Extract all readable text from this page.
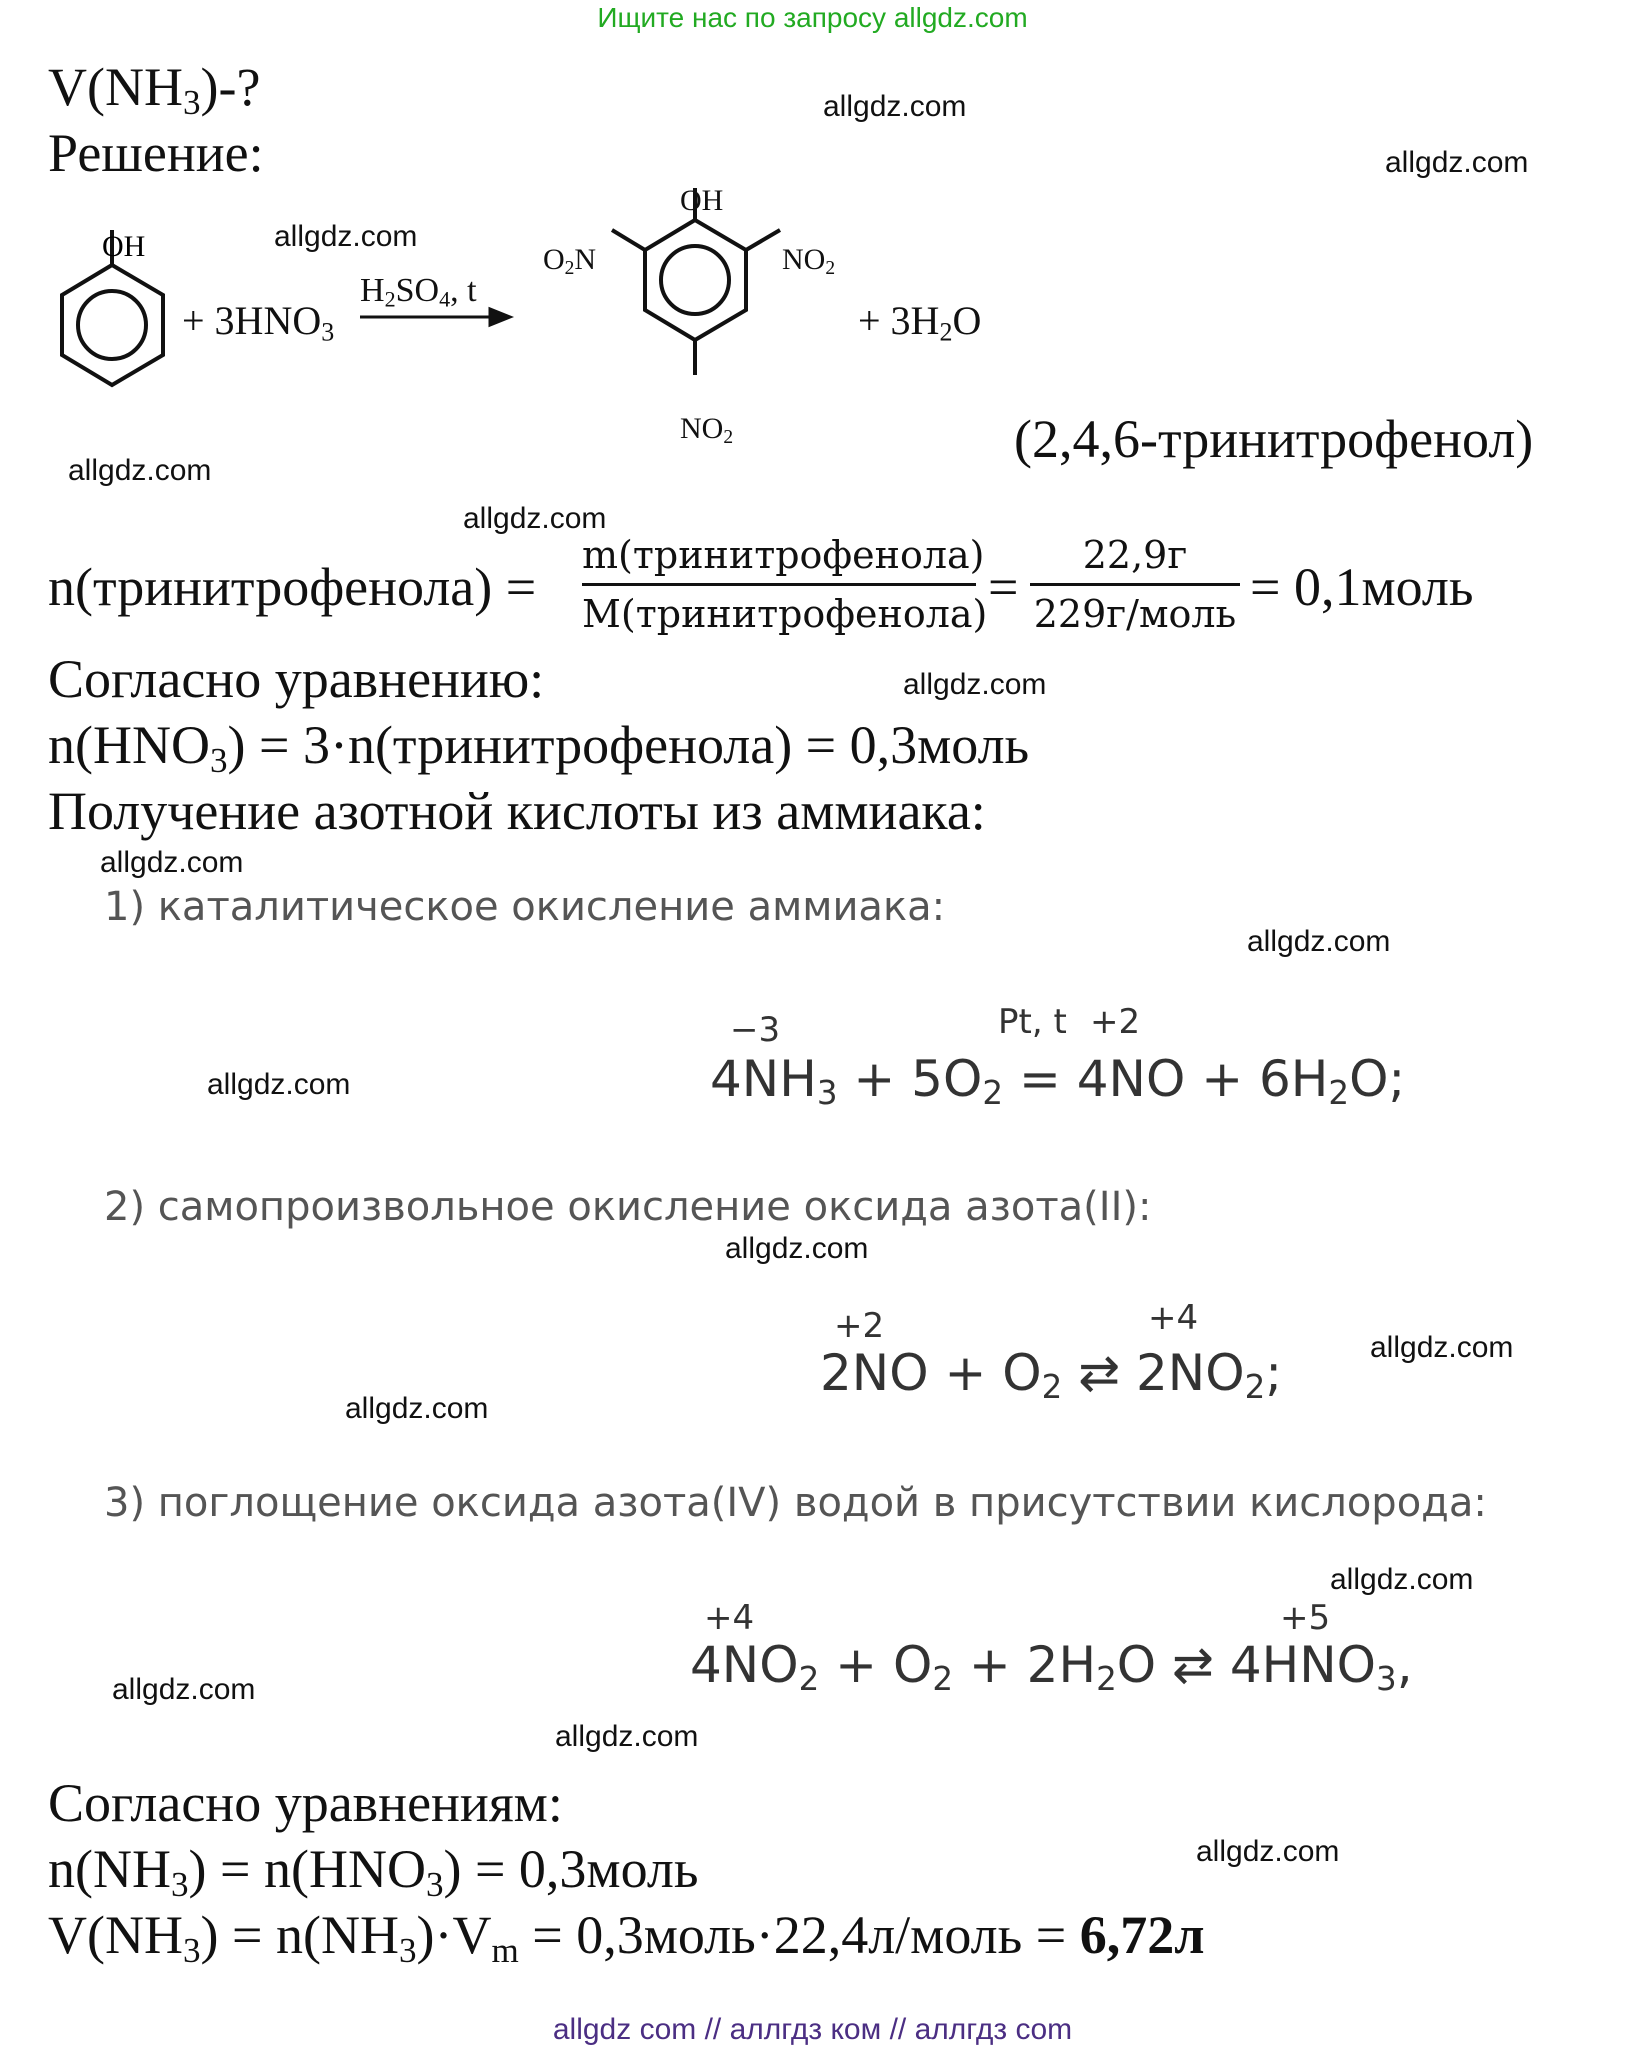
Ищите нас по запросу allgdz.com
allgdz.com
allgdz.com
allgdz.com
allgdz.com
allgdz.com
allgdz.com
allgdz.com
allgdz.com
allgdz.com
allgdz.com
allgdz.com
allgdz.com
allgdz.com
allgdz.com
allgdz.com
allgdz.com
$V(NH_3)-$?
Решение:
OH
+ $3HNO_3$
$H_2SO_4$, t
OH
$O_2N$	$NO_2$
$NO_2$
+ $3H_2O$
(2,4,6-тринитрофенол)
n(тринитрофенола) =
m(тринитрофенола)
M(тринитрофенола) =
22,9г
229г/моль = 0,1моль
Согласно уравнению:
$n(HNO_3)$ = 3·n(тринитрофенола) = 0,3моль
Получение азотной кислоты из аммиака:
1) каталитическое окисление аммиака:
−3	Pt, t +2
$4NH_3 + 5O_2 = 4NO + 6H_2O$;
2) самопроизвольное окисление оксида азота(II):
+2	+4
$2NO + O_2$ ⇄ $2NO_2$;
3) поглощение оксида азота(IV) водой в присутствии кислорода:
+4	+5
$4NO_2 + O_2 + 2H_2O$ ⇄ $4HNO_3$,
Согласно уравнениям:
$n(NH_3) = n(HNO_3)$ = 0,3моль
$V(NH_3) = n(NH_3)\cdot V_m$ = 0,3моль·22,4л/моль = 6,72л
allgdz com // аллгдз ком // аллгдз com
